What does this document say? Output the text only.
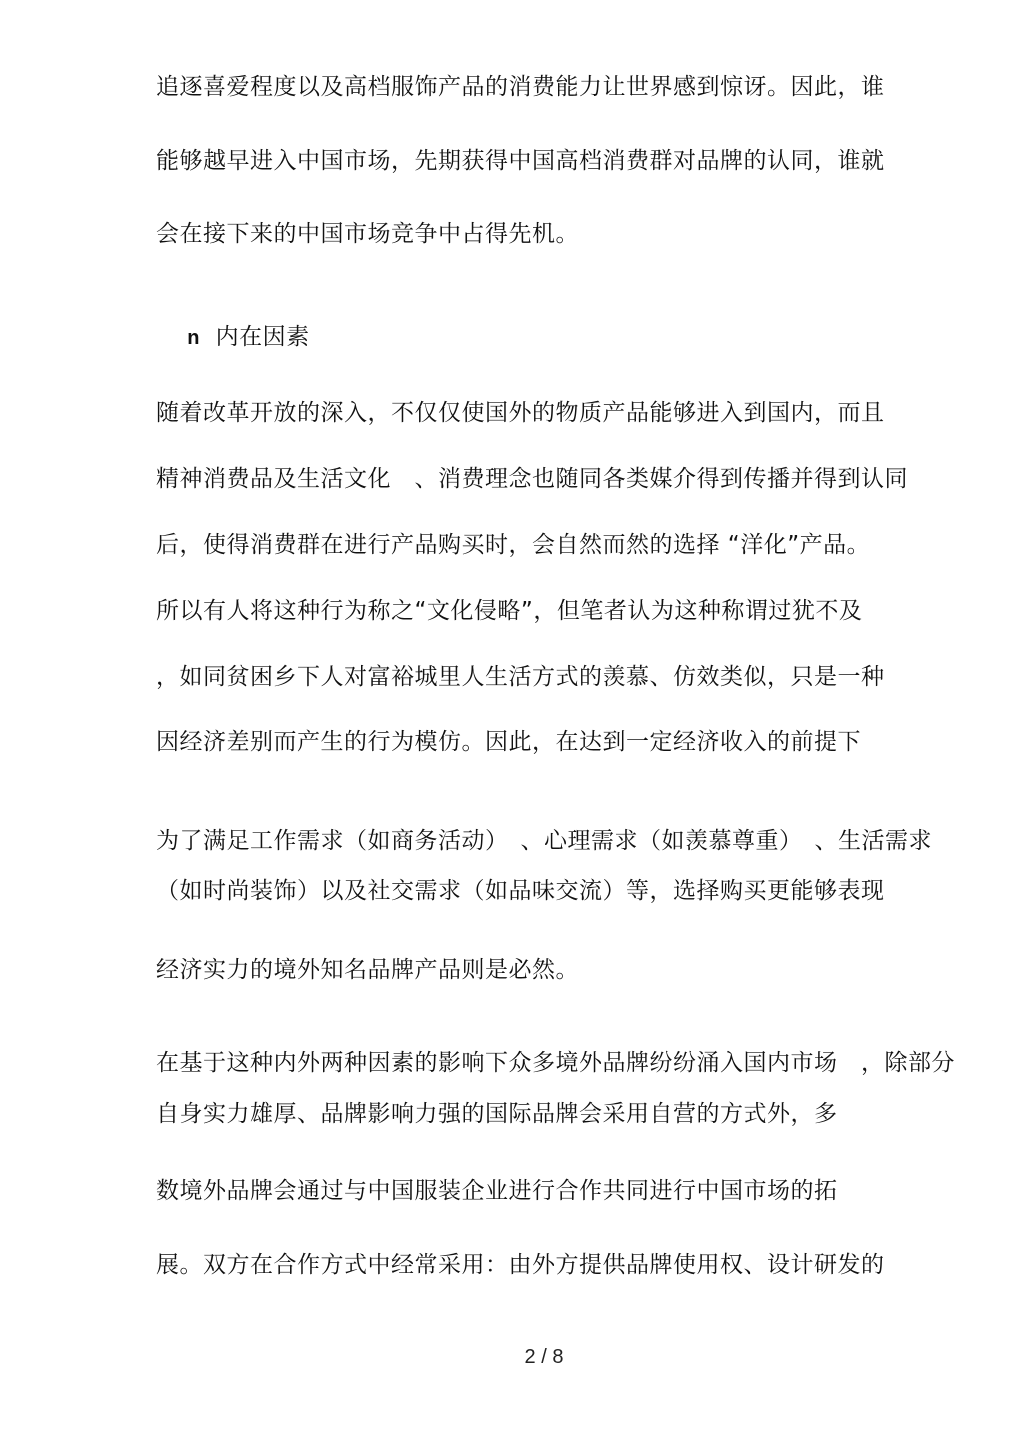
追逐喜爱程度以及高档服饰产品的消费能力让世界感到惊讶。因此，谁
能够越早进入中国市场，先期获得中国高档消费群对品牌的认同，谁就
会在接下来的中国市场竞争中占得先机。

n 内在因素

随着改革开放的深入，不仅仅使国外的物质产品能够进入到国内，而且
精神消费品及生活文化　、消费理念也随同各类媒介得到传播并得到认同
后，使得消费群在进行产品购买时，会自然而然的选择 “洋化”产品。
所以有人将这种行为称之“文化侵略”，但笔者认为这种称谓过犹不及
，如同贫困乡下人对富裕城里人生活方式的羡慕、仿效类似，只是一种
因经济差别而产生的行为模仿。因此，在达到一定经济收入的前提下
为了满足工作需求（如商务活动）　、心理需求（如羡慕尊重）　、生活需求
（如时尚装饰）以及社交需求（如品味交流）等，选择购买更能够表现
经济实力的境外知名品牌产品则是必然。
在基于这种内外两种因素的影响下众多境外品牌纷纷涌入国内市场　，除部分
自身实力雄厚、品牌影响力强的国际品牌会采用自营的方式外，多
数境外品牌会通过与中国服装企业进行合作共同进行中国市场的拓
展。双方在合作方式中经常采用：由外方提供品牌使用权、设计研发的
2 / 8
